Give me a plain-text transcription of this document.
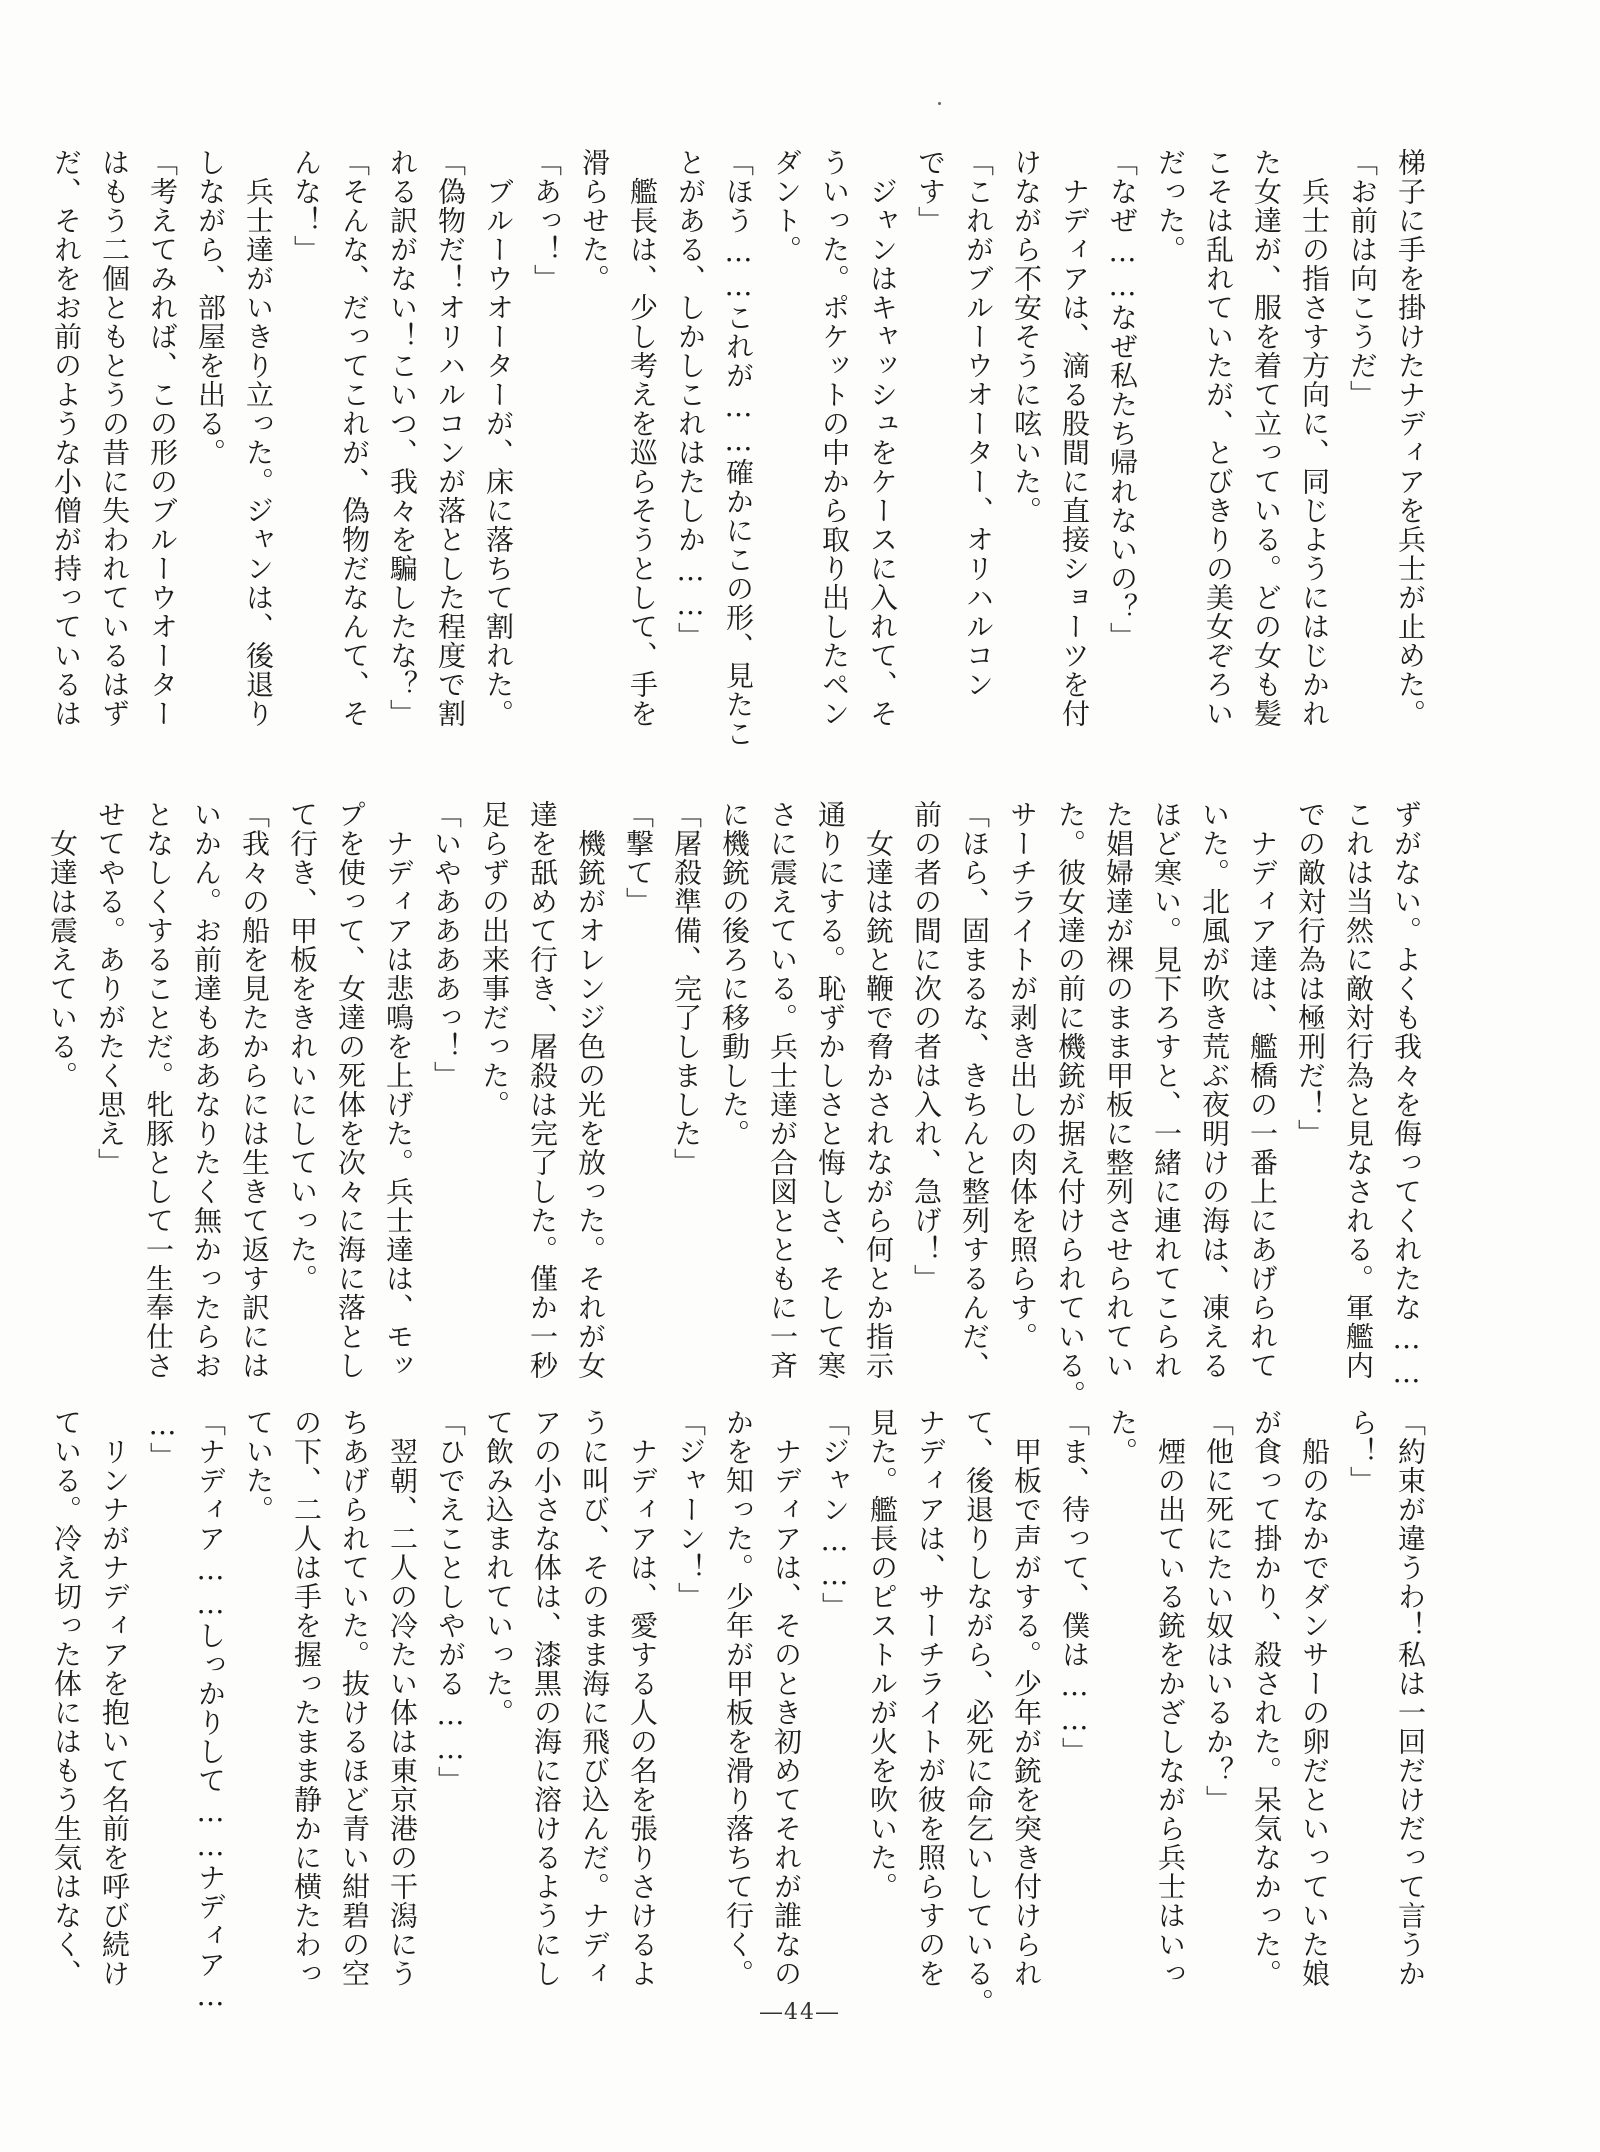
梯子に手を掛けたナディアを兵士が止めた。

「お前は向こうだ」

　兵士の指さす方向に、同じようにはじかれ

た女達が、服を着て立っている。どの女も髪

こそは乱れていたが、とびきりの美女ぞろい

だった。

「なぜ……なぜ私たち帰れないの？」

　ナディアは、滴る股間に直接ショーツを付

けながら不安そうに呟いた。

「これがブルーウオーター、オリハルコン

です」

　ジャンはキャッシュをケースに入れて、そ

ういった。ポケットの中から取り出したペン

ダント。

「ほう……これが……確かにこの形、見たこ

とがある、しかしこれはたしか……」

　艦長は、少し考えを巡らそうとして、手を

滑らせた。

「あっ！」

　ブルーウオーターが、床に落ちて割れた。

「偽物だ！オリハルコンが落とした程度で割

れる訳がない！こいつ、我々を騙したな？」

「そんな、だってこれが、偽物だなんて、そ

んな！」

　兵士達がいきり立った。ジャンは、後退り

しながら、部屋を出る。

「考えてみれば、この形のブルーウオーター

はもう二個ともとうの昔に失われているはず

だ、それをお前のような小僧が持っているは

ずがない。よくも我々を侮ってくれたな……

これは当然に敵対行為と見なされる。軍艦内

での敵対行為は極刑だ！」

　ナディア達は、艦橋の一番上にあげられて

いた。北風が吹き荒ぶ夜明けの海は、凍える

ほど寒い。見下ろすと、一緒に連れてこられ

た娼婦達が裸のまま甲板に整列させられてい

た。彼女達の前に機銃が据え付けられている。

サーチライトが剥き出しの肉体を照らす。

「ほら、固まるな、きちんと整列するんだ、

前の者の間に次の者は入れ、急げ！」

　女達は銃と鞭で脅かされながら何とか指示

通りにする。恥ずかしさと悔しさ、そして寒

さに震えている。兵士達が合図とともに一斉

に機銃の後ろに移動した。

「屠殺準備、完了しました」

「撃て」

　機銃がオレンジ色の光を放った。それが女

達を舐めて行き、屠殺は完了した。僅か一秒

足らずの出来事だった。

「いやああああっ！」

　ナディアは悲鳴を上げた。兵士達は、モッ

プを使って、女達の死体を次々に海に落とし

て行き、甲板をきれいにしていった。

「我々の船を見たからには生きて返す訳には

いかん。お前達もああなりたく無かったらお

となしくすることだ。牝豚として一生奉仕さ

せてやる。ありがたく思え」

　女達は震えている。

「約束が違うわ！私は一回だけだって言うか

ら！」

　船のなかでダンサーの卵だといっていた娘

が食って掛かり、殺された。呆気なかった。

「他に死にたい奴はいるか？」

　煙の出ている銃をかざしながら兵士はいっ

た。

「ま、待って、僕は……」

　甲板で声がする。少年が銃を突き付けられ

て、後退りしながら、必死に命乞いしている。

ナディアは、サーチライトが彼を照らすのを

見た。艦長のピストルが火を吹いた。

「ジャン……」

　ナディアは、そのとき初めてそれが誰なの

かを知った。少年が甲板を滑り落ちて行く。

「ジャーン！」

　ナディアは、愛する人の名を張りさけるよ

うに叫び、そのまま海に飛び込んだ。ナディ

アの小さな体は、漆黒の海に溶けるようにし

て飲み込まれていった。

「ひでえことしやがる……」

　翌朝、二人の冷たい体は東京港の干潟にう

ちあげられていた。抜けるほど青い紺碧の空

の下、二人は手を握ったまま静かに横たわっ

ていた。

「ナディア……しっかりして……ナディア…

…」

　リンナがナディアを抱いて名前を呼び続け

ている。冷え切った体にはもう生気はなく、

―44―
